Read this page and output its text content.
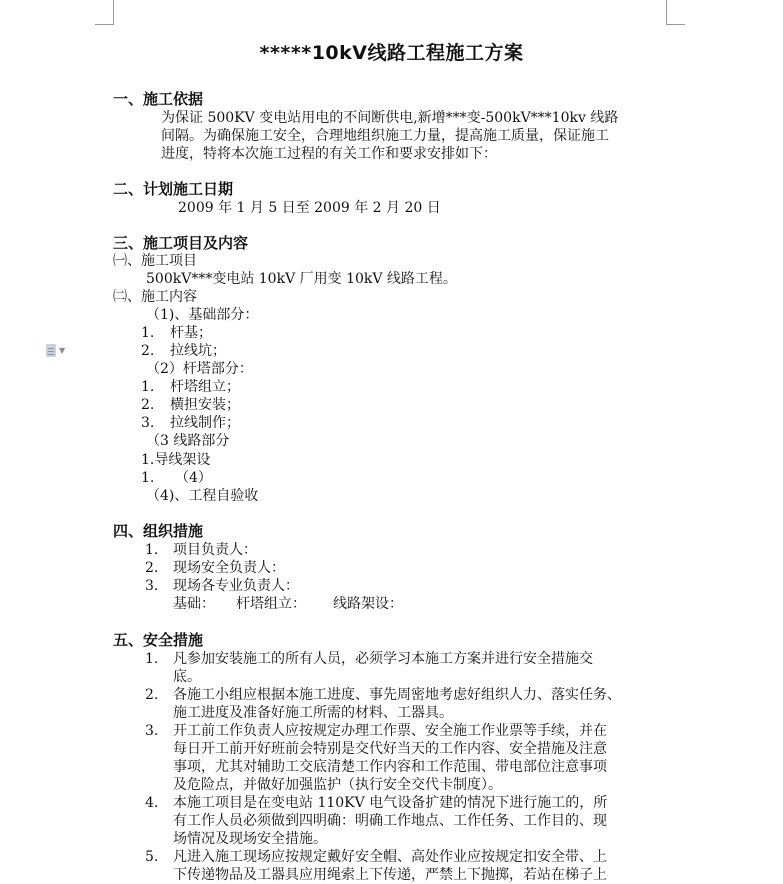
▼
*****10kV线路工程施工方案
一、施工依据
为保证 500KV 变电站用电的不间断供电,新增***变-500kV***10kv 线路
间隔。为确保施工安全，合理地组织施工力量，提高施工质量，保证施工
进度，特将本次施工过程的有关工作和要求安排如下：
二、计划施工日期
2009 年 1 月 5 日至 2009 年 2 月 20 日
三、施工项目及内容
㈠、施工项目
500kV***变电站 10kV 厂用变 10kV 线路工程。
㈡、施工内容
（1)、基础部分：
1. 杆基；
2. 拉线坑；
（2）杆塔部分：
1. 杆塔组立；
2. 横担安装；
3. 拉线制作；
（3 线路部分
1.导线架设
1. （4）
（4)、工程自验收
四、组织措施
1. 项目负责人：
2. 现场安全负责人：
3. 现场各专业负责人：
基础： 杆塔组立： 线路架设：
五、安全措施
1. 凡参加安装施工的所有人员，必须学习本施工方案并进行安全措施交
底。
2. 各施工小组应根据本施工进度、事先周密地考虑好组织人力、落实任务、
施工进度及准备好施工所需的材料、工器具。
3. 开工前工作负责人应按规定办理工作票、安全施工作业票等手续，并在
每日开工前开好班前会特别是交代好当天的工作内容、安全措施及注意
事项，尤其对辅助工交底清楚工作内容和工作范围、带电部位注意事项
及危险点，并做好加强监护（执行安全交代卡制度）。
4. 本施工项目是在变电站 110KV 电气设备扩建的情况下进行施工的，所
有工作人员必须做到四明确：明确工作地点、工作任务、工作目的、现
场情况及现场安全措施。
5. 凡进入施工现场应按规定戴好安全帽、高处作业应按规定扣安全带、上
下传递物品及工器具应用绳索上下传递，严禁上下抛掷，若站在梯子上
